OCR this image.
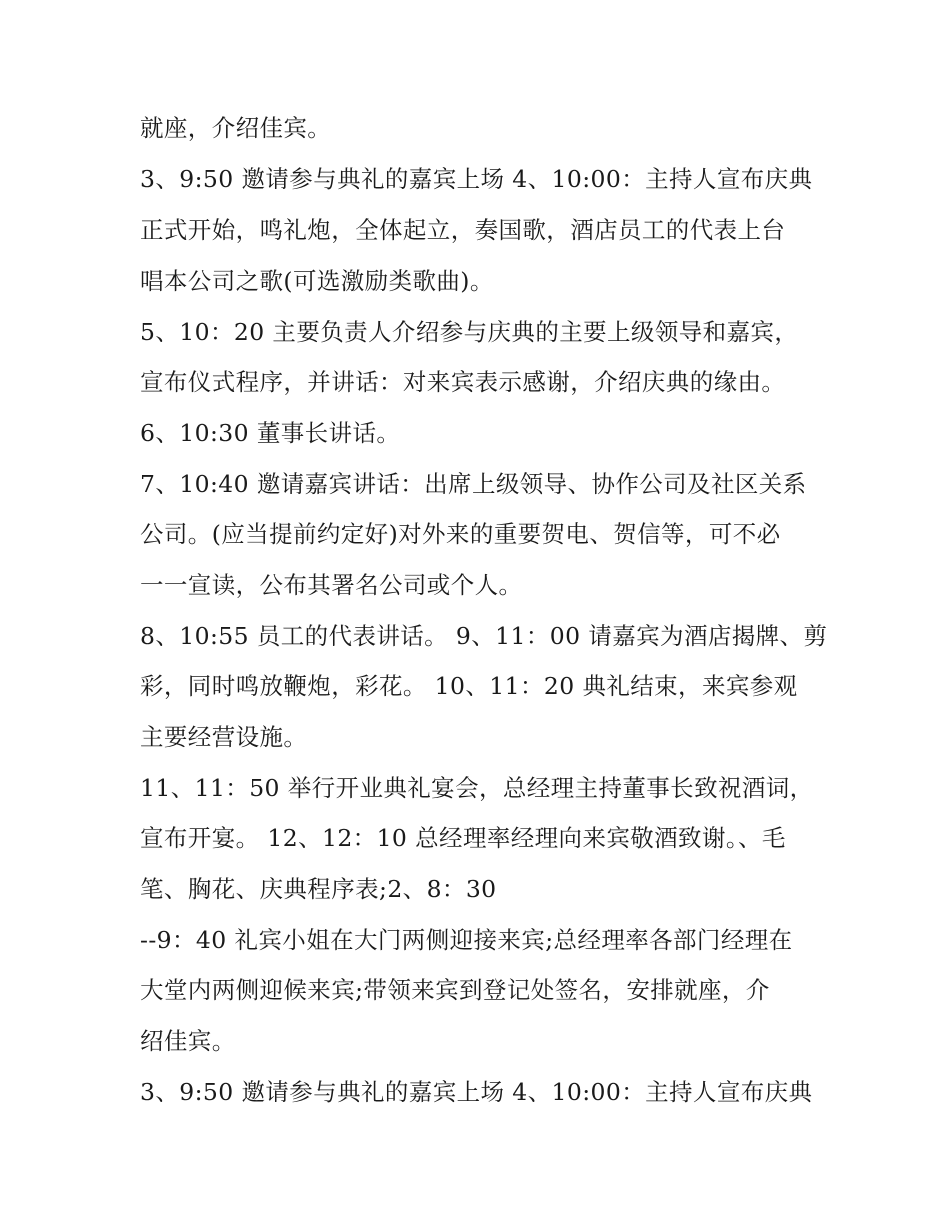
就座，介绍佳宾。
3、9:50 邀请参与典礼的嘉宾上场 4、10:00：主持人宣布庆典
正式开始，鸣礼炮，全体起立，奏国歌，酒店员工的代表上台
唱本公司之歌(可选激励类歌曲)。
5、10：20 主要负责人介绍参与庆典的主要上级领导和嘉宾，
宣布仪式程序，并讲话：对来宾表示感谢，介绍庆典的缘由。
6、10:30 董事长讲话。
7、10:40 邀请嘉宾讲话：出席上级领导、协作公司及社区关系
公司。(应当提前约定好)对外来的重要贺电、贺信等，可不必
一一宣读，公布其署名公司或个人。
8、10:55 员工的代表讲话。 9、11：00 请嘉宾为酒店揭牌、剪
彩，同时鸣放鞭炮，彩花。 10、11：20 典礼结束，来宾参观
主要经营设施。
11、11：50 举行开业典礼宴会，总经理主持董事长致祝酒词，
宣布开宴。 12、12：10 总经理率经理向来宾敬酒致谢。、毛
笔、胸花、庆典程序表;2、8：30
--9：40 礼宾小姐在大门两侧迎接来宾;总经理率各部门经理在
大堂内两侧迎候来宾;带领来宾到登记处签名，安排就座，介
绍佳宾。
3、9:50 邀请参与典礼的嘉宾上场 4、10:00：主持人宣布庆典
